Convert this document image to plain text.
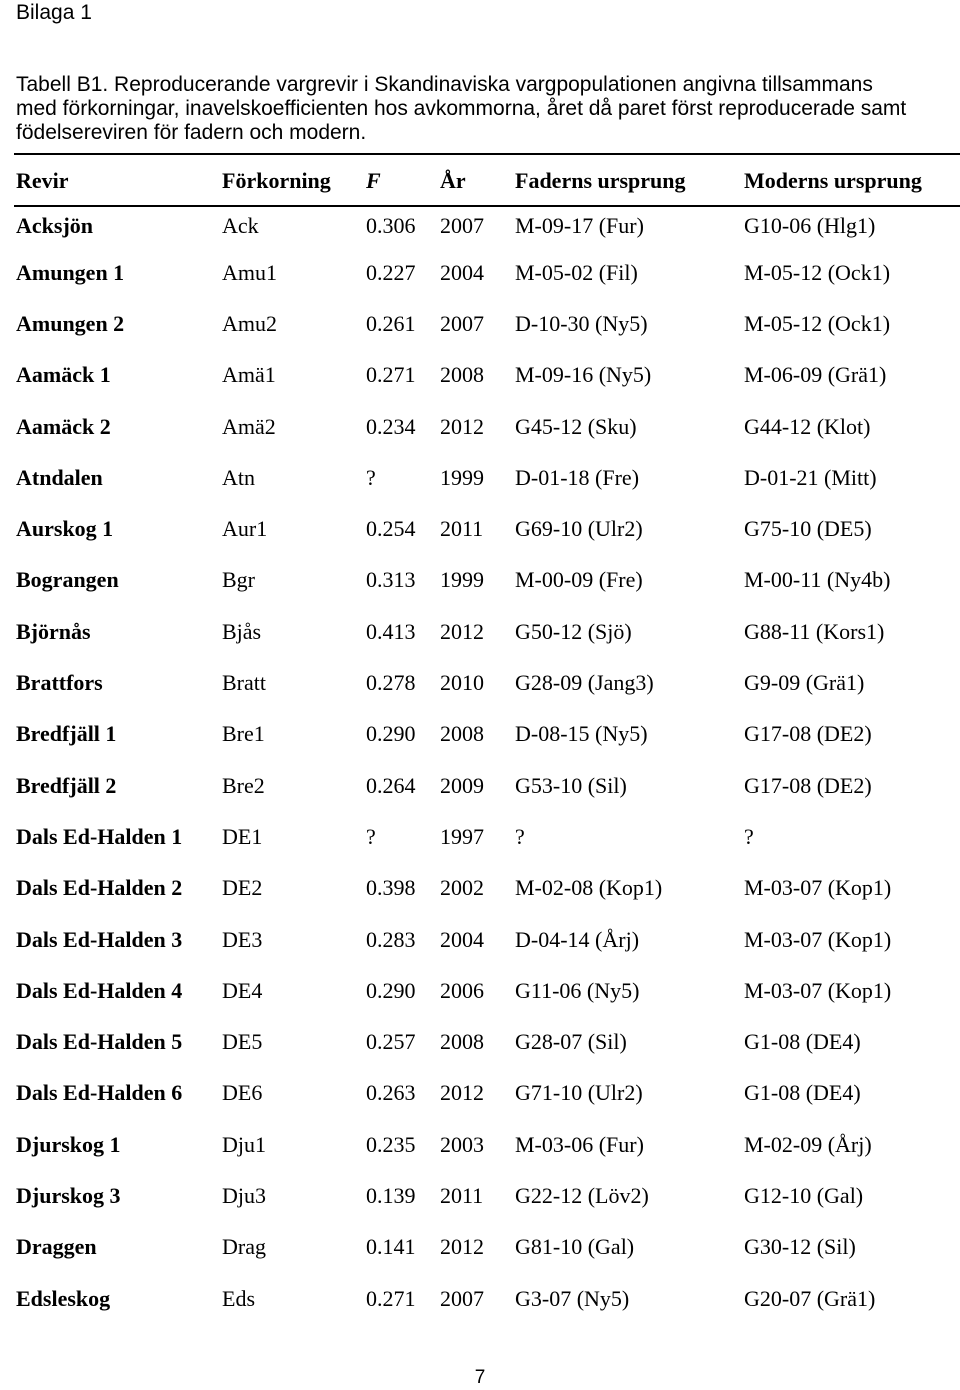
Bilaga 1

Tabell B1. Reproducerande vargrevir i Skandinaviska vargpopulationen angivna tillsammans
med förkorningar, inavelskoefficienten hos avkommorna, året då paret först reproducerade samt
födelsereviren för fadern och modern.

Revir	Förkorning	F	År	Faderns ursprung	Moderns ursprung
Acksjön	Ack	0.306	2007	M-09-17 (Fur)	G10-06 (Hlg1)
Amungen 1	Amu1	0.227	2004	M-05-02 (Fil)	M-05-12 (Ock1)
Amungen 2	Amu2	0.261	2007	D-10-30 (Ny5)	M-05-12 (Ock1)
Aamäck 1	Amä1	0.271	2008	M-09-16 (Ny5)	M-06-09 (Grä1)
Aamäck 2	Amä2	0.234	2012	G45-12 (Sku)	G44-12 (Klot)
Atndalen	Atn	?	1999	D-01-18 (Fre)	D-01-21 (Mitt)
Aurskog 1	Aur1	0.254	2011	G69-10 (Ulr2)	G75-10 (DE5)
Bograngen	Bgr	0.313	1999	M-00-09 (Fre)	M-00-11 (Ny4b)
Björnås	Bjås	0.413	2012	G50-12 (Sjö)	G88-11 (Kors1)
Brattfors	Bratt	0.278	2010	G28-09 (Jang3)	G9-09 (Grä1)
Bredfjäll 1	Bre1	0.290	2008	D-08-15 (Ny5)	G17-08 (DE2)
Bredfjäll 2	Bre2	0.264	2009	G53-10 (Sil)	G17-08 (DE2)
Dals Ed-Halden 1	DE1	?	1997	?	?
Dals Ed-Halden 2	DE2	0.398	2002	M-02-08 (Kop1)	M-03-07 (Kop1)
Dals Ed-Halden 3	DE3	0.283	2004	D-04-14 (Årj)	M-03-07 (Kop1)
Dals Ed-Halden 4	DE4	0.290	2006	G11-06 (Ny5)	M-03-07 (Kop1)
Dals Ed-Halden 5	DE5	0.257	2008	G28-07 (Sil)	G1-08 (DE4)
Dals Ed-Halden 6	DE6	0.263	2012	G71-10 (Ulr2)	G1-08 (DE4)
Djurskog 1	Dju1	0.235	2003	M-03-06 (Fur)	M-02-09 (Årj)
Djurskog 3	Dju3	0.139	2011	G22-12 (Löv2)	G12-10 (Gal)
Draggen	Drag	0.141	2012	G81-10 (Gal)	G30-12 (Sil)
Edsleskog	Eds	0.271	2007	G3-07 (Ny5)	G20-07 (Grä1)

7
